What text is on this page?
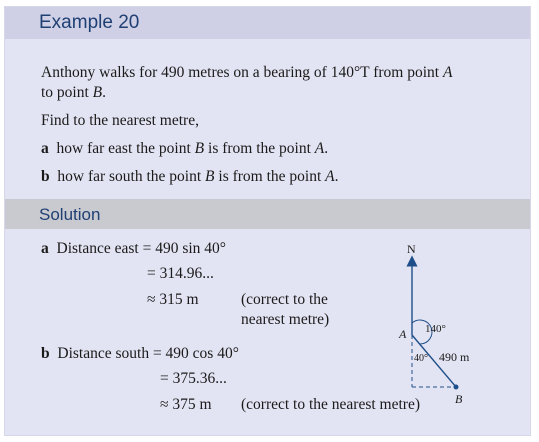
Example 20
Anthony walks for 490 metres on a bearing of 140°T from point A
to point B.
Find to the nearest metre,
a how far east the point B is from the point A.
b how far south the point B is from the point A.
Solution
a Distance east = 490 sin 40°
= 314.96...
≈ 315 m	(correct to the
nearest metre)
b Distance south = 490 cos 40°
= 375.36...
≈ 375 m (correct to the nearest metre)
N
A 140°
40° 490 m
B
